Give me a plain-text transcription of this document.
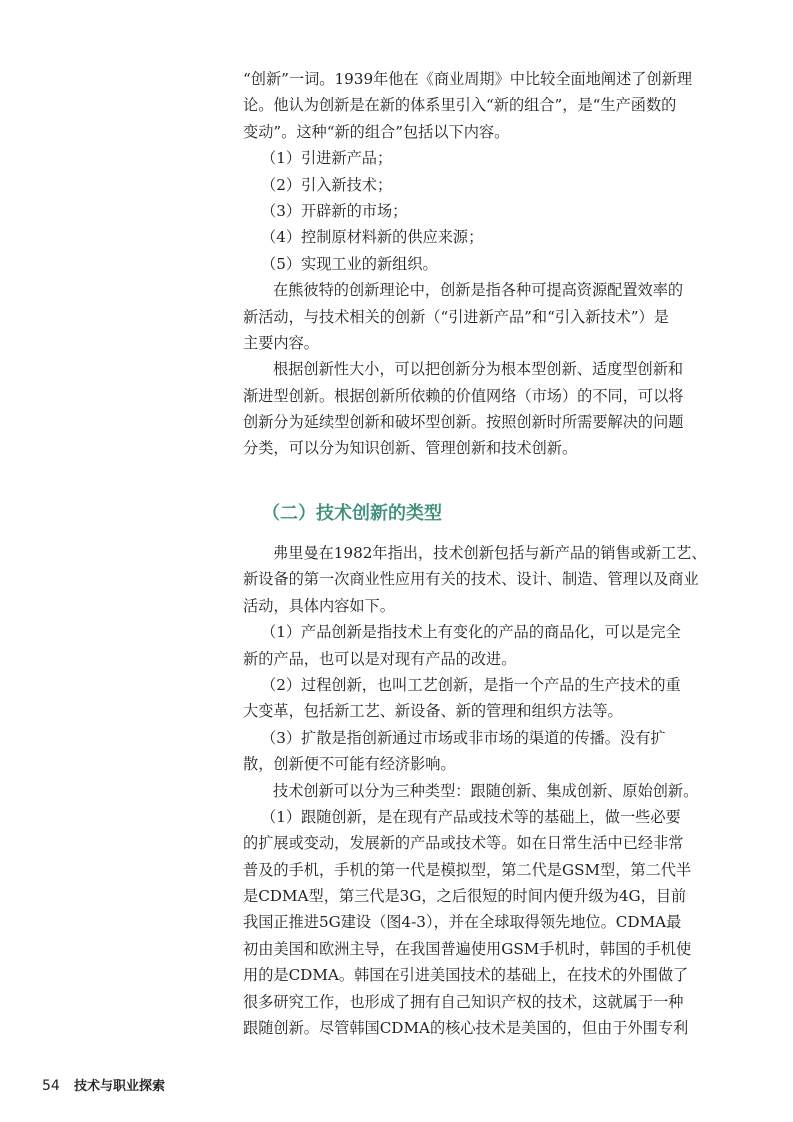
“创新”一词。1939年他在《商业周期》中比较全面地阐述了创新理
论。他认为创新是在新的体系里引入“新的组合”，是“生产函数的
变动”。这种“新的组合”包括以下内容。
（1）引进新产品；
（2）引入新技术；
（3）开辟新的市场；
（4）控制原材料新的供应来源；
（5）实现工业的新组织。
在熊彼特的创新理论中，创新是指各种可提高资源配置效率的
新活动，与技术相关的创新（“引进新产品”和“引入新技术”）是
主要内容。
根据创新性大小，可以把创新分为根本型创新、适度型创新和
渐进型创新。根据创新所依赖的价值网络（市场）的不同，可以将
创新分为延续型创新和破坏型创新。按照创新时所需要解决的问题
分类，可以分为知识创新、管理创新和技术创新。
（二）技术创新的类型
弗里曼在1982年指出，技术创新包括与新产品的销售或新工艺、
新设备的第一次商业性应用有关的技术、设计、制造、管理以及商业
活动，具体内容如下。
（1）产品创新是指技术上有变化的产品的商品化，可以是完全
新的产品，也可以是对现有产品的改进。
（2）过程创新，也叫工艺创新，是指一个产品的生产技术的重
大变革，包括新工艺、新设备、新的管理和组织方法等。
（3）扩散是指创新通过市场或非市场的渠道的传播。没有扩
散，创新便不可能有经济影响。
技术创新可以分为三种类型：跟随创新、集成创新、原始创新。
（1）跟随创新，是在现有产品或技术等的基础上，做一些必要
的扩展或变动，发展新的产品或技术等。如在日常生活中已经非常
普及的手机，手机的第一代是模拟型，第二代是GSM型，第二代半
是CDMA型，第三代是3G，之后很短的时间内便升级为4G，目前
我国正推进5G建设（图4-3），并在全球取得领先地位。CDMA最
初由美国和欧洲主导，在我国普遍使用GSM手机时，韩国的手机使
用的是CDMA。韩国在引进美国技术的基础上，在技术的外围做了
很多研究工作，也形成了拥有自己知识产权的技术，这就属于一种
跟随创新。尽管韩国CDMA的核心技术是美国的，但由于外围专利
54 技术与职业探索
